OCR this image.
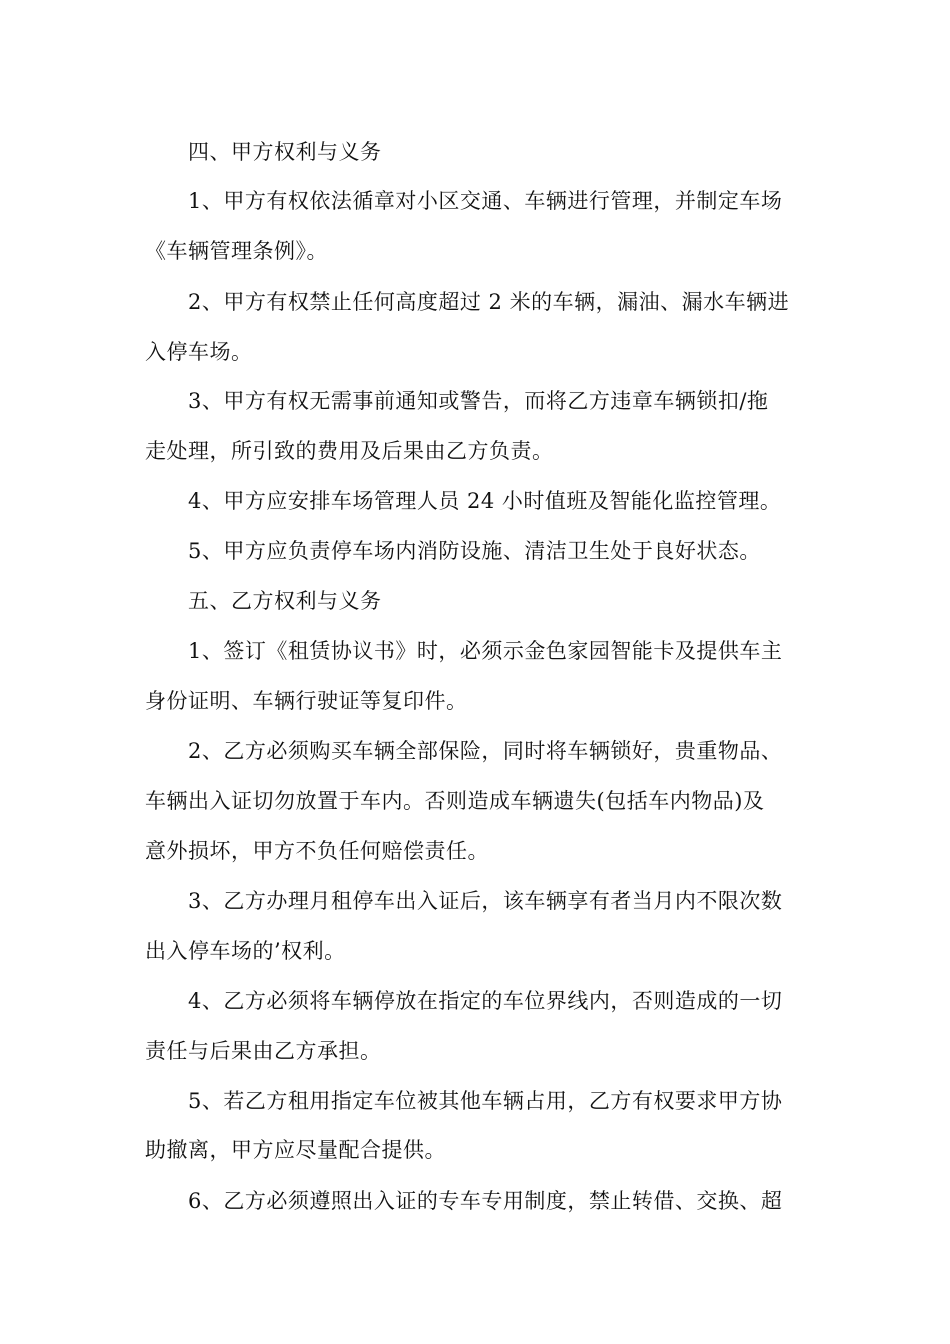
四、甲方权利与义务
1、甲方有权依法循章对小区交通、车辆进行管理，并制定车场
《车辆管理条例》。
2、甲方有权禁止任何高度超过 2 米的车辆，漏油、漏水车辆进
入停车场。
3、甲方有权无需事前通知或警告，而将乙方违章车辆锁扣/拖
走处理，所引致的费用及后果由乙方负责。
4、甲方应安排车场管理人员 24 小时值班及智能化监控管理。
5、甲方应负责停车场内消防设施、清洁卫生处于良好状态。
五、乙方权利与义务
1、签订《租赁协议书》时，必须示金色家园智能卡及提供车主
身份证明、车辆行驶证等复印件。
2、乙方必须购买车辆全部保险，同时将车辆锁好，贵重物品、
车辆出入证切勿放置于车内。否则造成车辆遗失(包括车内物品)及
意外损坏，甲方不负任何赔偿责任。
3、乙方办理月租停车出入证后，该车辆享有者当月内不限次数
出入停车场的’权利。
4、乙方必须将车辆停放在指定的车位界线内，否则造成的一切
责任与后果由乙方承担。
5、若乙方租用指定车位被其他车辆占用，乙方有权要求甲方协
助撤离，甲方应尽量配合提供。
6、乙方必须遵照出入证的专车专用制度，禁止转借、交换、超
